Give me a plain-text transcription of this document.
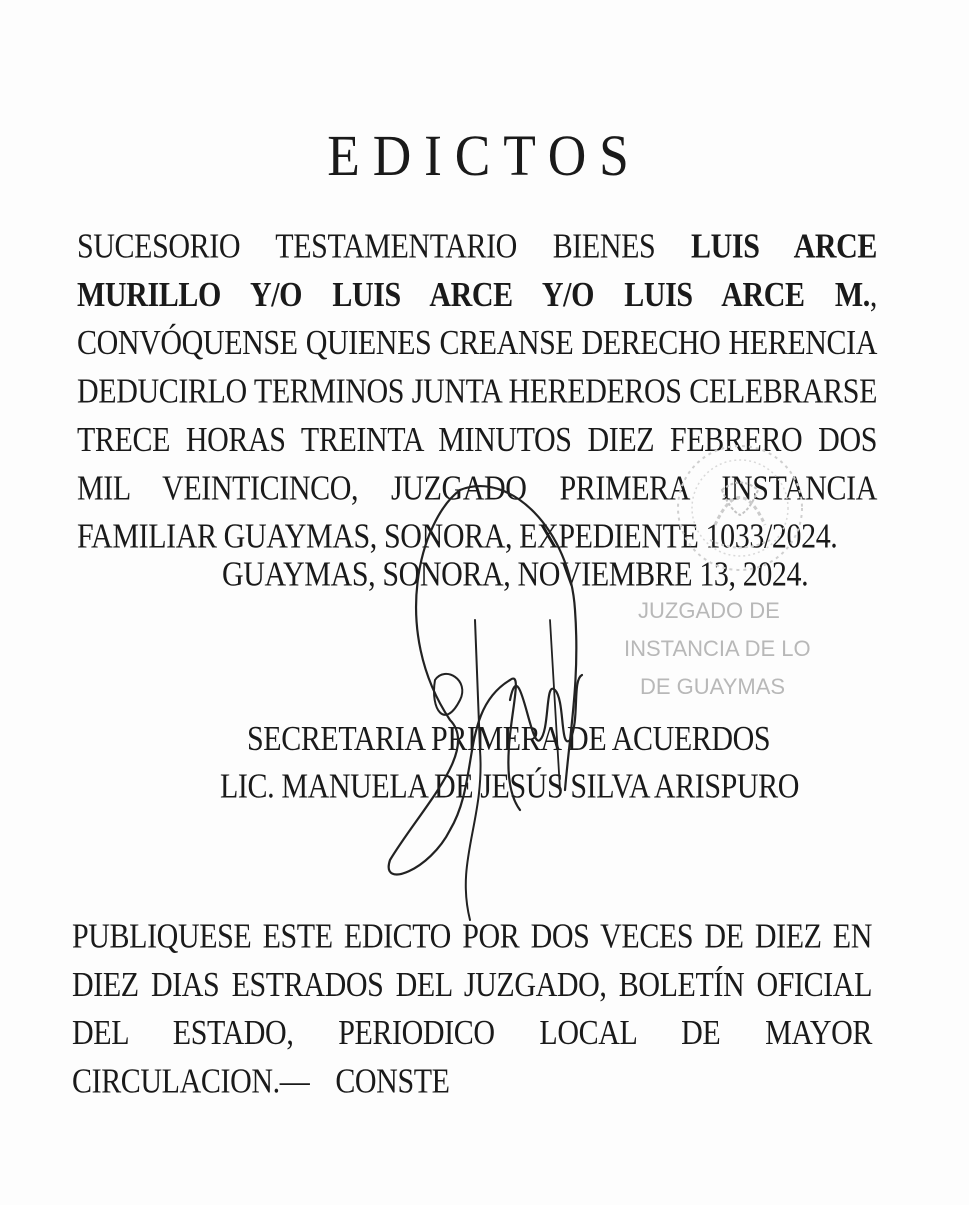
EDICTOS
SUCESORIO TESTAMENTARIO BIENES LUIS ARCE MURILLO Y/O LUIS ARCE Y/O LUIS ARCE M., CONVÓQUENSE QUIENES CREANSE DERECHO HERENCIA DEDUCIRLO TERMINOS JUNTA HEREDEROS CELEBRARSE TRECE HORAS TREINTA MINUTOS DIEZ FEBRERO DOS MIL VEINTICINCO, JUZGADO PRIMERA INSTANCIA FAMILIAR GUAYMAS, SONORA, EXPEDIENTE 1033/2024.
GUAYMAS, SONORA, NOVIEMBRE 13, 2024.
SECRETARIA PRIMERA DE ACUERDOS
LIC. MANUELA DE JESÚS SILVA ARISPURO
PUBLIQUESE ESTE EDICTO POR DOS VECES DE DIEZ EN DIEZ DIAS ESTRADOS DEL JUZGADO, BOLETÍN OFICIAL DEL ESTADO, PERIODICO LOCAL DE MAYOR CIRCULACION.— CONSTE
JUZGADO DE
INSTANCIA DE LO
DE GUAYMAS
